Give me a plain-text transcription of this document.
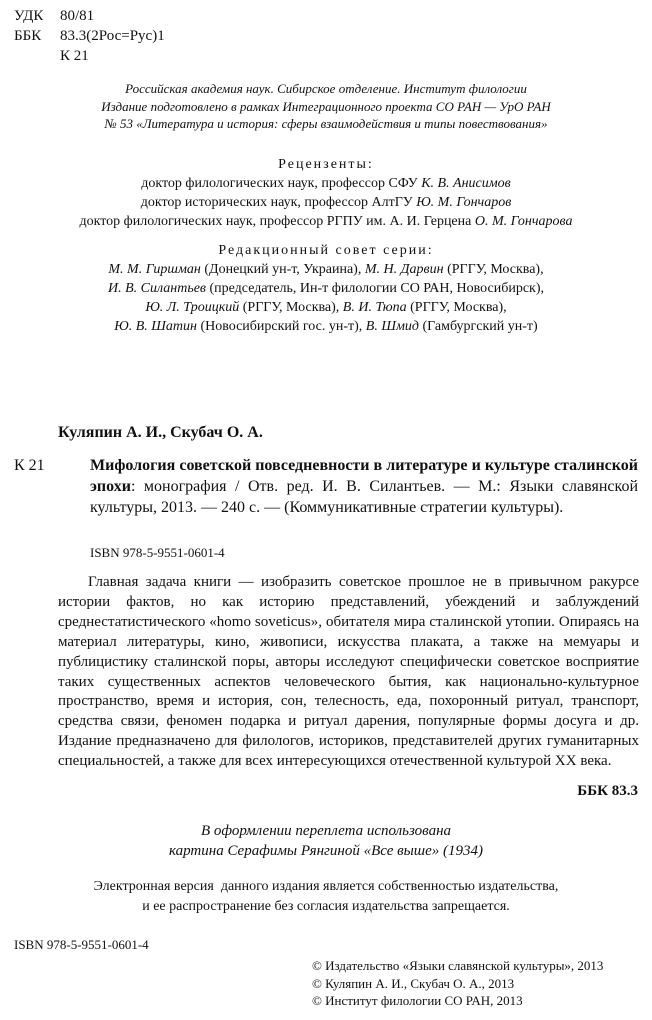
УДК 80/81
ББК 83.3(2Рос=Рус)1
К 21
Российская академия наук. Сибирское отделение. Институт филологии
Издание подготовлено в рамках Интеграционного проекта СО РАН — УрО РАН
№ 53 «Литература и история: сферы взаимодействия и типы повествования»
Рецензенты:
доктор филологических наук, профессор СФУ К. В. Анисимов
доктор исторических наук, профессор АлтГУ Ю. М. Гончаров
доктор филологических наук, профессор РГПУ им. А. И. Герцена О. М. Гончарова
Редакционный совет серии:
М. М. Гиршман (Донецкий ун-т, Украина), М. Н. Дарвин (РГГУ, Москва),
И. В. Силантьев (председатель, Ин-т филологии СО РАН, Новосибирск),
Ю. Л. Троицкий (РГГУ, Москва), В. И. Тюпа (РГГУ, Москва),
Ю. В. Шатин (Новосибирский гос. ун-т), В. Шмид (Гамбургский ун-т)
Куляпин А. И., Скубач О. А.
К 21	Мифология советской повседневности в литературе и культуре сталинской эпохи: монография / Отв. ред. И. В. Силантьев. — М.: Языки славянской культуры, 2013. — 240 с. — (Коммуникативные стратегии культуры).
ISBN 978-5-9551-0601-4
Главная задача книги — изобразить советское прошлое не в привычном ракурсе истории фактов, но как историю представлений, убеждений и заблуждений среднестатистического «homo soveticus», обитателя мира сталинской утопии. Опираясь на материал литературы, кино, живописи, искусства плаката, а также на мемуары и публицистику сталинской поры, авторы исследуют специфически советское восприятие таких существенных аспектов человеческого бытия, как национально-культурное пространство, время и история, сон, телесность, еда, похоронный ритуал, транспорт, средства связи, феномен подарка и ритуал дарения, популярные формы досуга и др. Издание предназначено для филологов, историков, представителей других гуманитарных специальностей, а также для всех интересующихся отечественной культурой XX века.
ББК 83.3
В оформлении переплета использована
картина Серафимы Рянгиной «Все выше» (1934)
Электронная версия  данного издания является собственностью издательства,
и ее распространение без согласия издательства запрещается.
ISBN 978-5-9551-0601-4
© Издательство «Языки славянской культуры», 2013
© Куляпин А. И., Скубач О. А., 2013
© Институт филологии СО РАН, 2013
